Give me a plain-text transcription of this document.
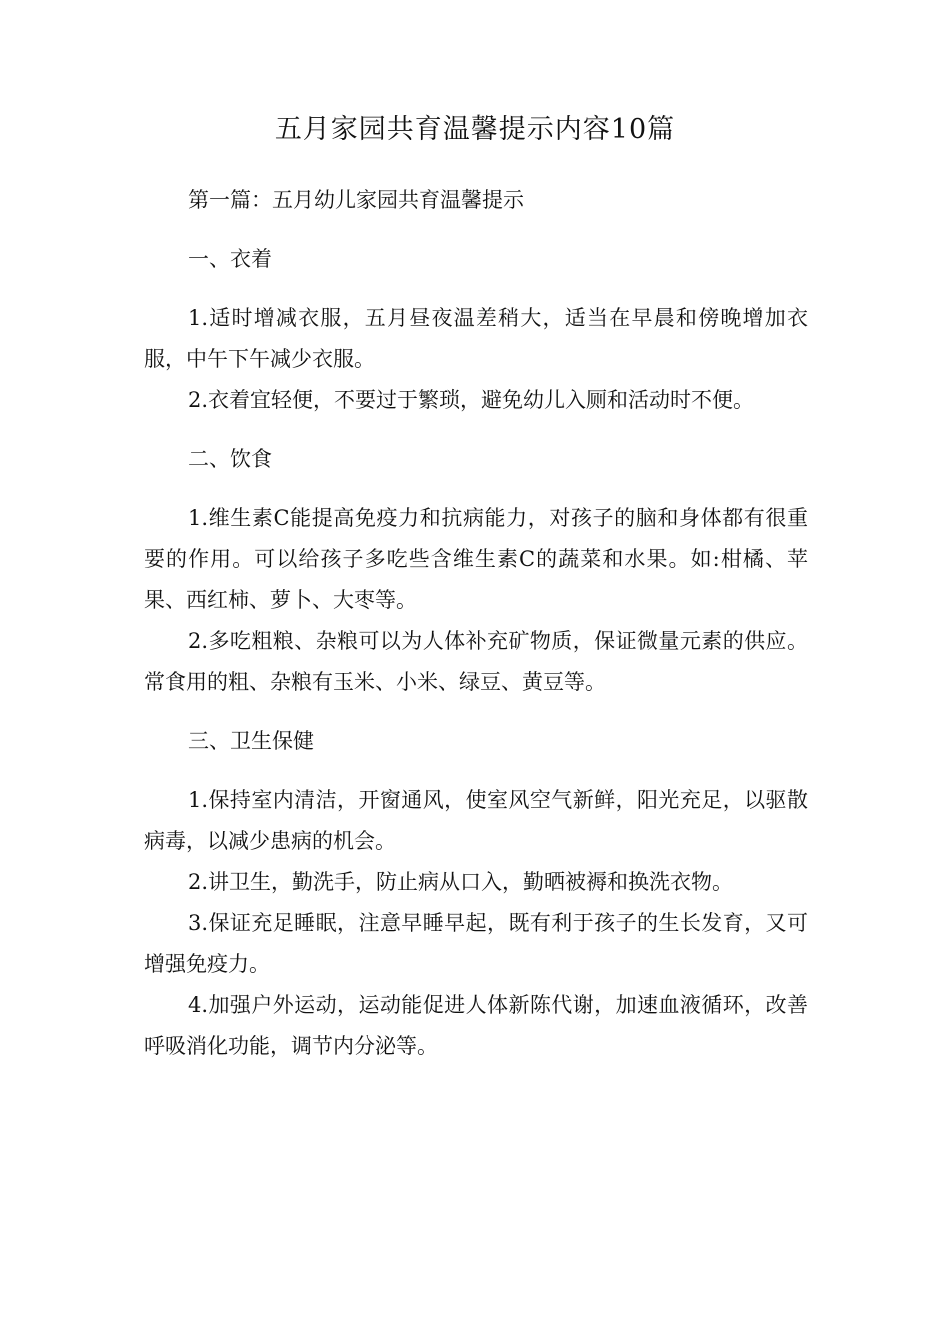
五月家园共育温馨提示内容10篇

第一篇：五月幼儿家园共育温馨提示

一、衣着

1.适时增减衣服，五月昼夜温差稍大，适当在早晨和傍晚增加衣服，中午下午减少衣服。

2.衣着宜轻便，不要过于繁琐，避免幼儿入厕和活动时不便。

二、饮食

1.维生素C能提高免疫力和抗病能力，对孩子的脑和身体都有很重要的作用。可以给孩子多吃些含维生素C的蔬菜和水果。如:柑橘、苹果、西红柿、萝卜、大枣等。

2.多吃粗粮、杂粮可以为人体补充矿物质，保证微量元素的供应。常食用的粗、杂粮有玉米、小米、绿豆、黄豆等。

三、卫生保健

1.保持室内清洁，开窗通风，使室风空气新鲜，阳光充足，以驱散病毒，以减少患病的机会。

2.讲卫生，勤洗手，防止病从口入，勤晒被褥和换洗衣物。

3.保证充足睡眠，注意早睡早起，既有利于孩子的生长发育，又可增强免疫力。

4.加强户外运动，运动能促进人体新陈代谢，加速血液循环，改善呼吸消化功能，调节内分泌等。
